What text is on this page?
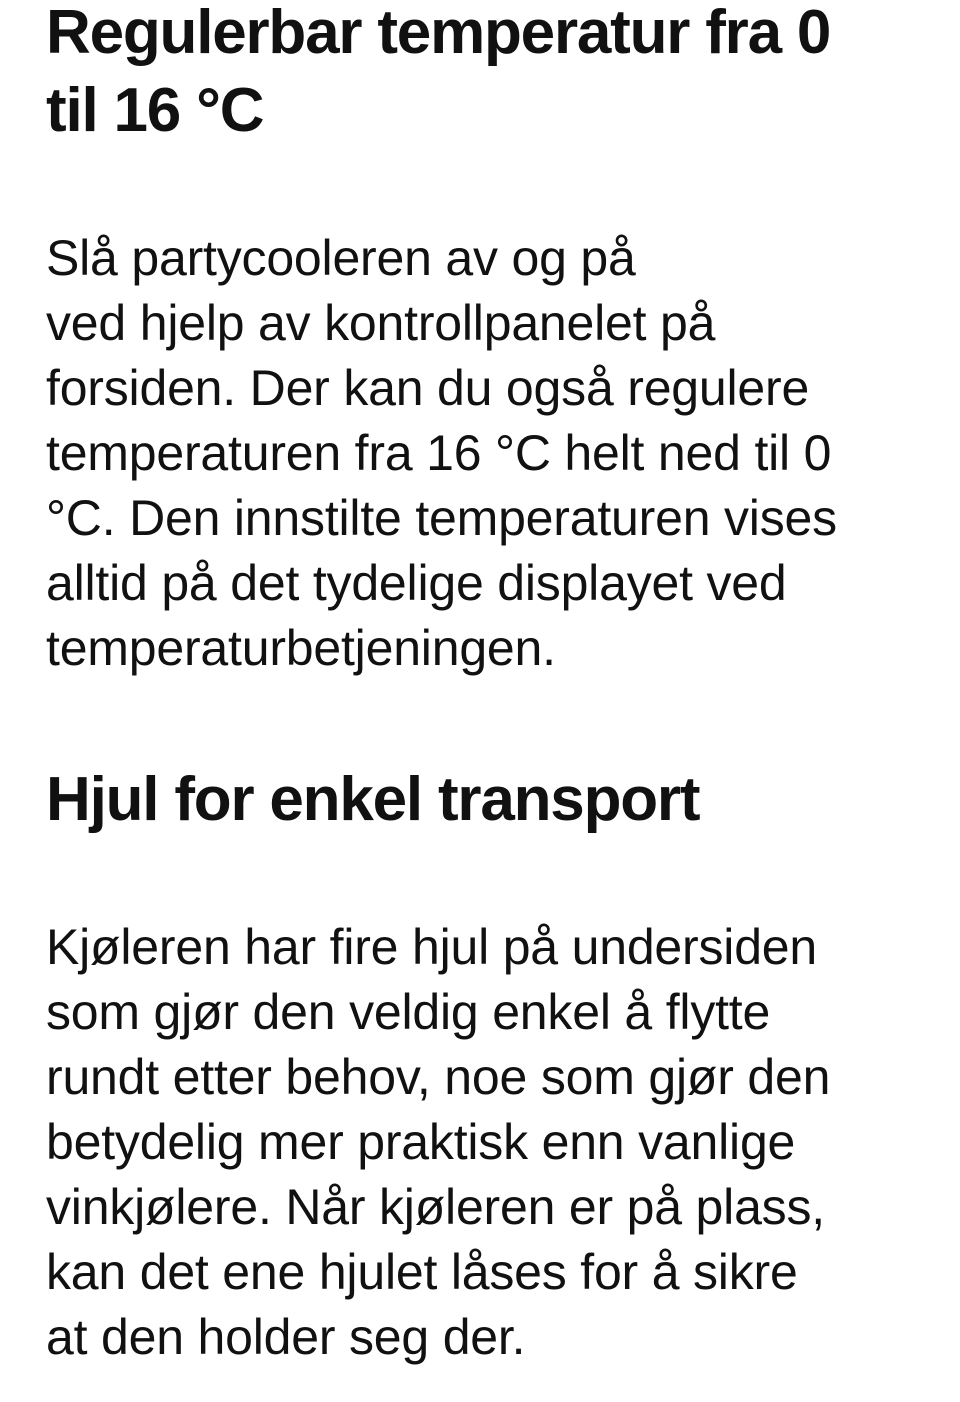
Regulerbar temperatur fra 0
til 16 °C

Slå partycooleren av og på
ved hjelp av kontrollpanelet på
forsiden. Der kan du også regulere
temperaturen fra 16 °C helt ned til 0
°C. Den innstilte temperaturen vises
alltid på det tydelige displayet ved
temperaturbetjeningen.

Hjul for enkel transport

Kjøleren har fire hjul på undersiden
som gjør den veldig enkel å flytte
rundt etter behov, noe som gjør den
betydelig mer praktisk enn vanlige
vinkjølere. Når kjøleren er på plass,
kan det ene hjulet låses for å sikre
at den holder seg der.
